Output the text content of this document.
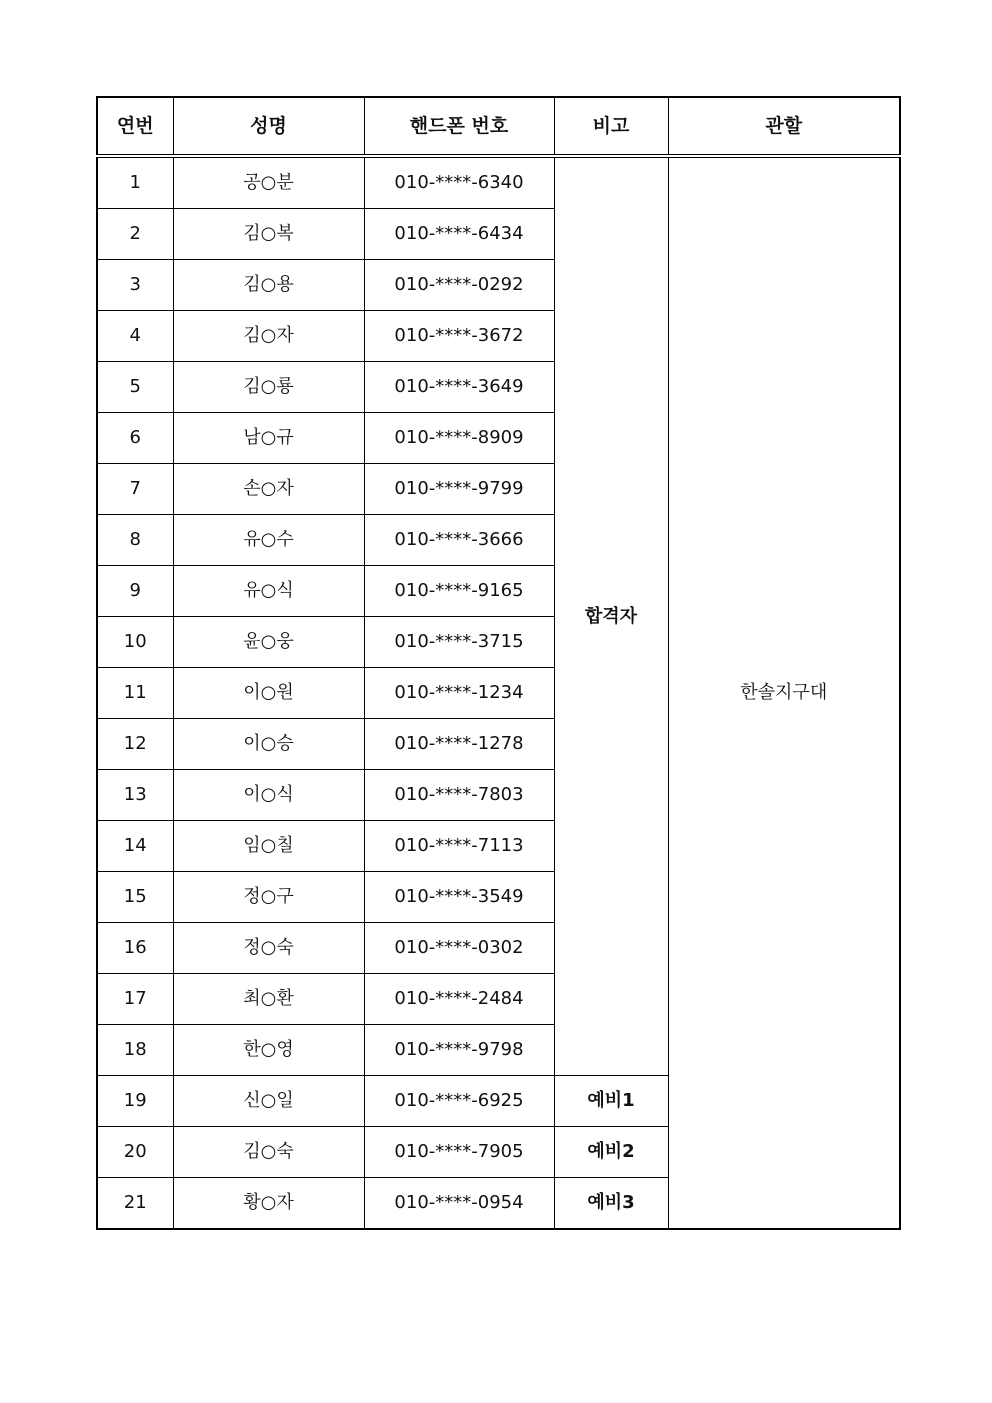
연번	성명	핸드폰 번호	비고	관할
1	공○분	010-****-6340	합격자	한솔지구대
2	김○복	010-****-6434		
3	김○용	010-****-0292		
4	김○자	010-****-3672		
5	김○룡	010-****-3649		
6	남○규	010-****-8909		
7	손○자	010-****-9799		
8	유○수	010-****-3666		
9	유○식	010-****-9165		
10	윤○웅	010-****-3715		
11	이○원	010-****-1234		
12	이○승	010-****-1278		
13	이○식	010-****-7803		
14	임○칠	010-****-7113		
15	정○구	010-****-3549		
16	정○숙	010-****-0302		
17	최○환	010-****-2484		
18	한○영	010-****-9798		
19	신○일	010-****-6925	예비1	
20	김○숙	010-****-7905	예비2	
21	황○자	010-****-0954	예비3	
